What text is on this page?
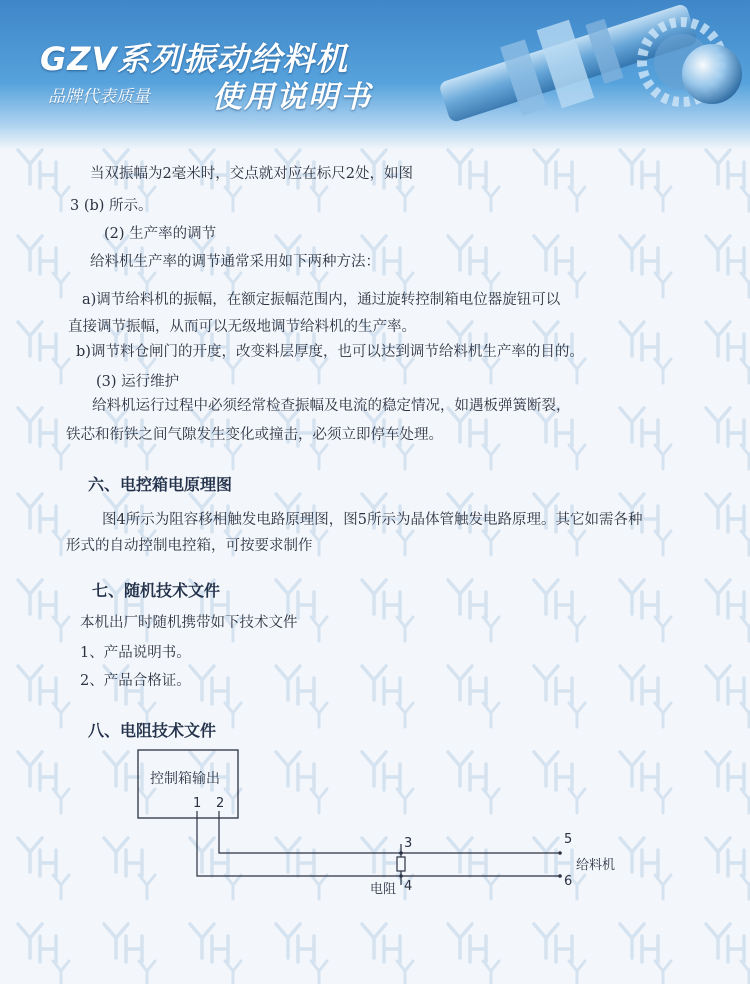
GZV系列振动给料机
品牌代表质量 使用说明书
当双振幅为2毫米时，交点就对应在标尺2处，如图
3 (b) 所示。
(2) 生产率的调节
给料机生产率的调节通常采用如下两种方法：
a)调节给料机的振幅，在额定振幅范围内，通过旋转控制箱电位器旋钮可以
直接调节振幅，从而可以无级地调节给料机的生产率。
b)调节料仓闸门的开度，改变料层厚度，也可以达到调节给料机生产率的目的。
(3) 运行维护
给料机运行过程中必须经常检查振幅及电流的稳定情况，如遇板弹簧断裂，
铁芯和衔铁之间气隙发生变化或撞击，必须立即停车处理。
六、电控箱电原理图
图4所示为阻容移相触发电路原理图，图5所示为晶体管触发电路原理。其它如需各种
形式的自动控制电控箱，可按要求制作
七、随机技术文件
本机出厂时随机携带如下技术文件
1、产品说明书。
2、产品合格证。
八、电阻技术文件
控制箱输出
1 2
3
4
5
6
电阻
给料机
